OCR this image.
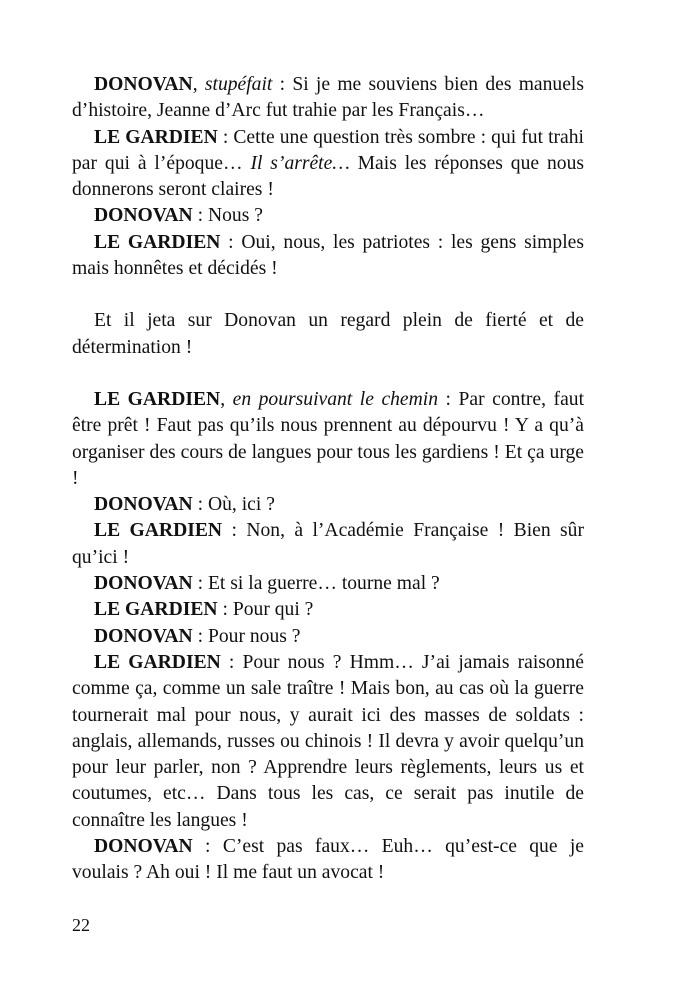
DONOVAN, stupéfait : Si je me souviens bien des manuels d’histoire, Jeanne d’Arc fut trahie par les Français…

LE GARDIEN : Cette une question très sombre : qui fut trahi par qui à l’époque… Il s’arrête… Mais les réponses que nous donnerons seront claires !

DONOVAN : Nous ?

LE GARDIEN : Oui, nous, les patriotes : les gens simples mais honnêtes et décidés !

Et il jeta sur Donovan un regard plein de fierté et de détermination !

LE GARDIEN, en poursuivant le chemin : Par contre, faut être prêt ! Faut pas qu’ils nous prennent au dépourvu ! Y a qu’à organiser des cours de langues pour tous les gardiens ! Et ça urge !

DONOVAN : Où, ici ?

LE GARDIEN : Non, à l’Académie Française ! Bien sûr qu’ici !

DONOVAN : Et si la guerre… tourne mal ?

LE GARDIEN : Pour qui ?

DONOVAN : Pour nous ?

LE GARDIEN : Pour nous ? Hmm… J’ai jamais raisonné comme ça, comme un sale traître ! Mais bon, au cas où la guerre tournerait mal pour nous, y aurait ici des masses de soldats : anglais, allemands, russes ou chinois ! Il devra y avoir quelqu’un pour leur parler, non ? Apprendre leurs règlements, leurs us et coutumes, etc… Dans tous les cas, ce serait pas inutile de connaître les langues !

DONOVAN : C’est pas faux… Euh… qu’est-ce que je voulais ? Ah oui ! Il me faut un avocat !

22
